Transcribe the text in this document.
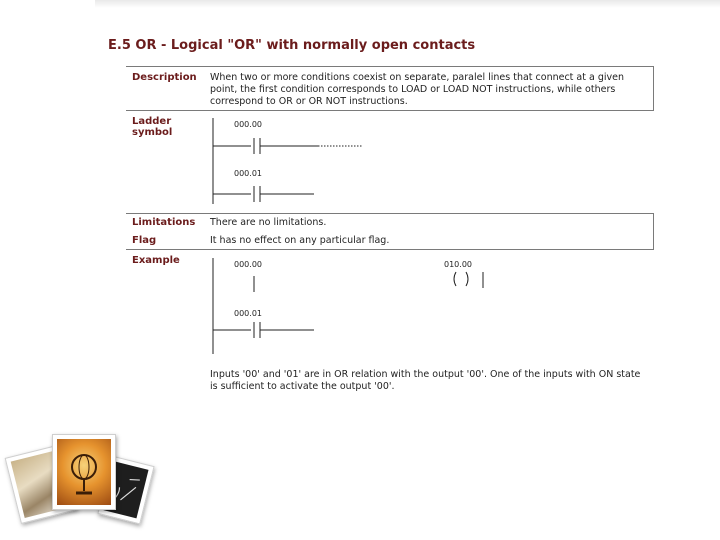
E.5 OR - Logical "OR" with normally open contacts
Description When two or more conditions coexist on separate, paralel lines that connect at a given point, the first condition corresponds to LOAD or LOAD NOT instructions, while others correspond to OR or OR NOT instructions.
Ladder
symbol
000.00
000.01
Limitations There are no limitations.
Flag	It has no effect on any particular flag.
Example	000.00	010.00
000.01
Inputs '00' and '01' are in OR relation with the output '00'. One of the inputs with ON state is sufficient to activate the output '00'.
